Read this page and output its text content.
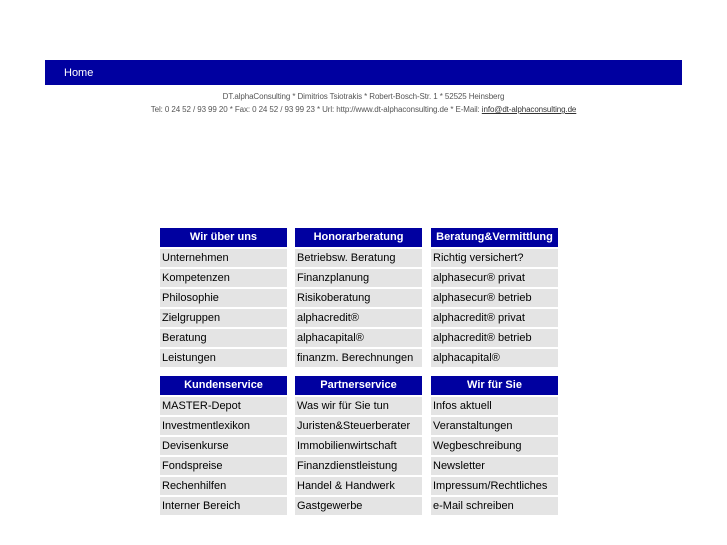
Home
DT.alphaConsulting * Dimitrios Tsiotrakis * Robert-Bosch-Str. 1 * 52525 Heinsberg
Tel: 0 24 52 / 93 99 20 * Fax: 0 24 52 / 93 99 23 * Url: http://www.dt-alphaconsulting.de * E-Mail: info@dt-alphaconsulting.de
Wir über uns
Unternehmen
Kompetenzen
Philosophie
Zielgruppen
Beratung
Leistungen
Honorarberatung
Betriebsw. Beratung
Finanzplanung
Risikoberatung
alphacredit®
alphacapital®
finanzm. Berechnungen
Beratung&Vermittlung
Richtig versichert?
alphasecur® privat
alphasecur® betrieb
alphacredit® privat
alphacredit® betrieb
alphacapital®
Kundenservice
MASTER-Depot
Investmentlexikon
Devisenkurse
Fondspreise
Rechenhilfen
Interner Bereich
Partnerservice
Was wir für Sie tun
Juristen&Steuerberater
Immobilienwirtschaft
Finanzdienstleistung
Handel & Handwerk
Gastgewerbe
Wir für Sie
Infos aktuell
Veranstaltungen
Wegbeschreibung
Newsletter
Impressum/Rechtliches
e-Mail schreiben
